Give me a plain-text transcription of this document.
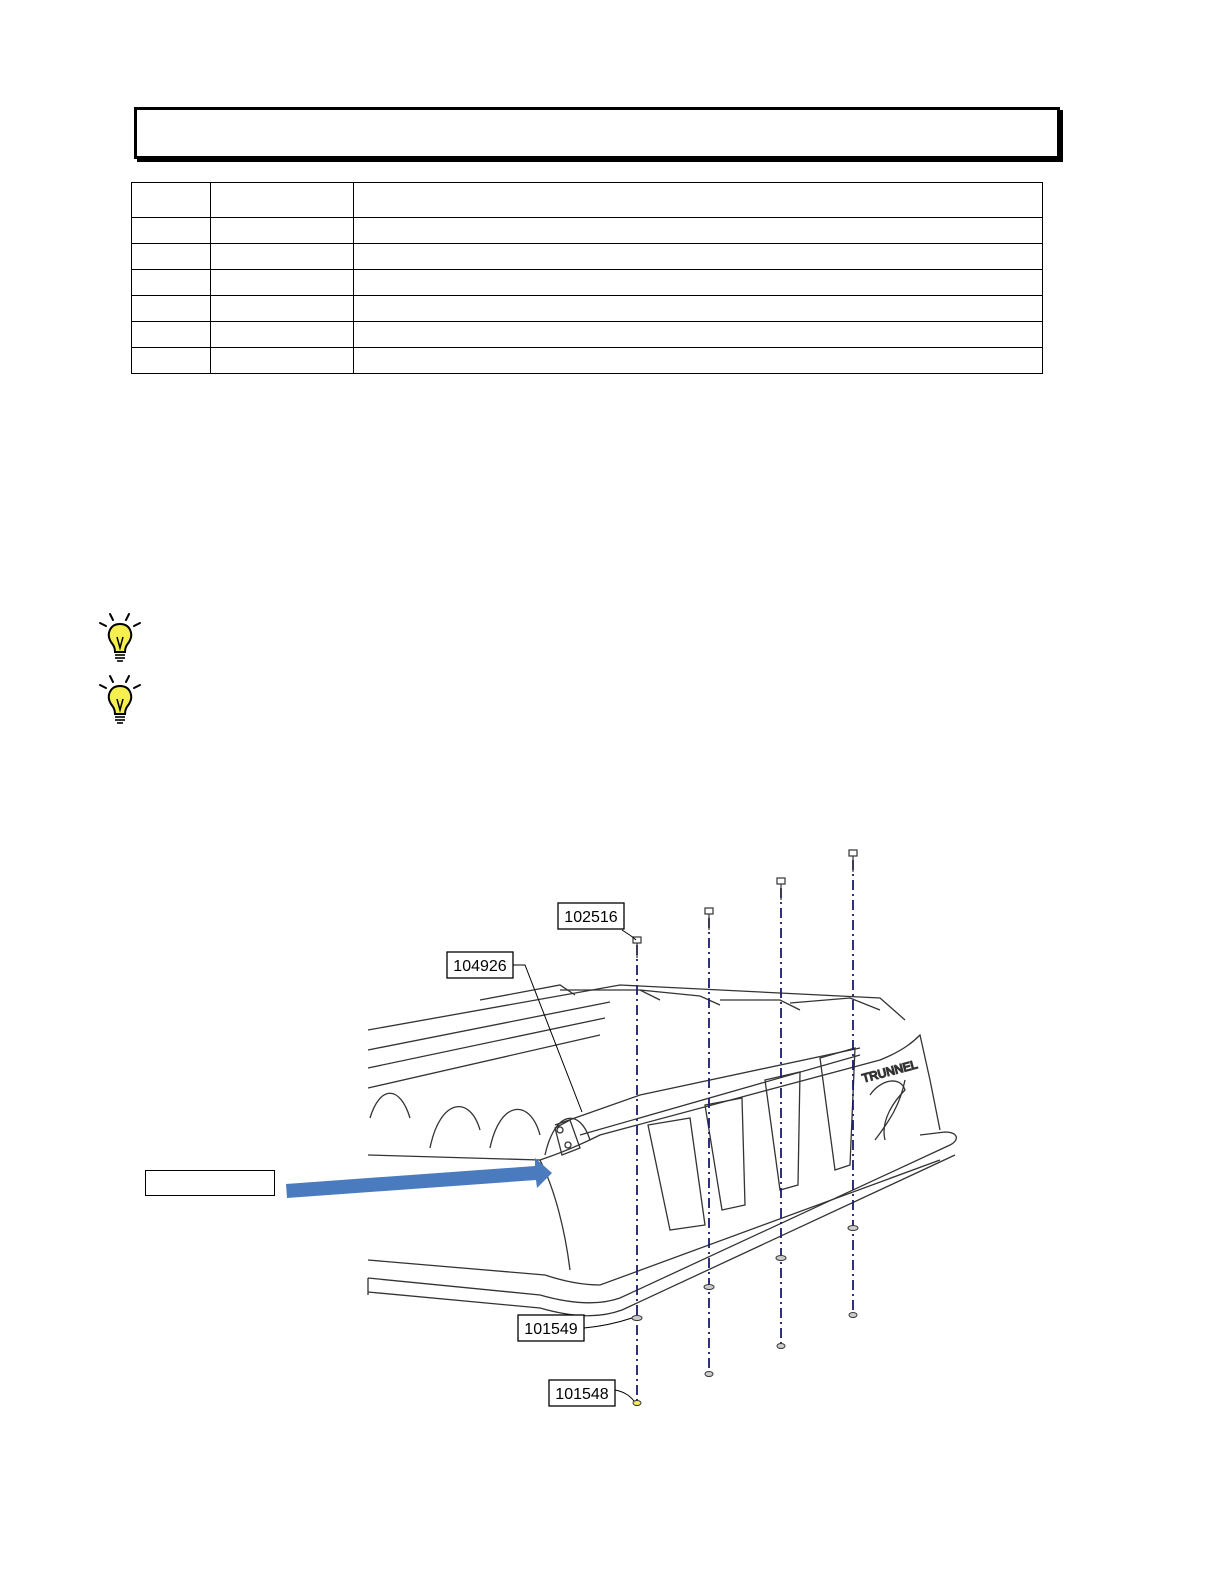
TRUNNEL
102516
104926
101549
101548
